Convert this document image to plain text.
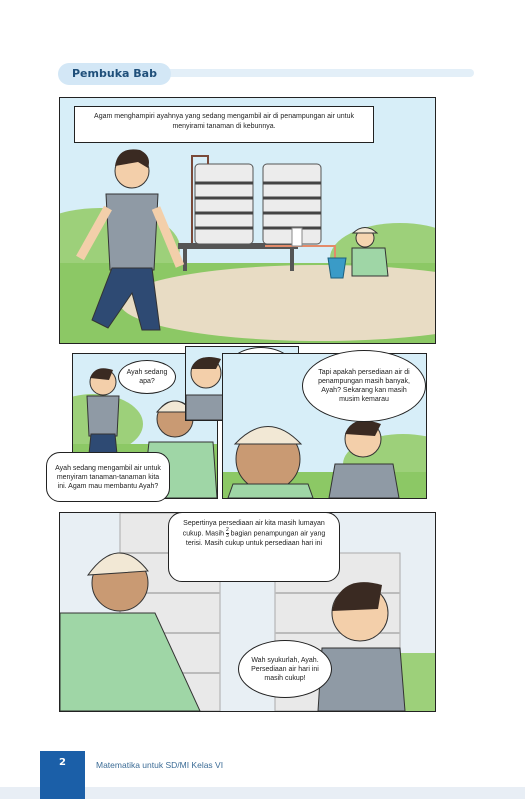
Pembuka Bab
Agam menghampiri ayahnya yang sedang mengambil air di penampungan air untuk menyirami tanaman di kebunnya.
Ayah sedang apa?
Ayah sedang mengambil air untuk menyiram tanaman-tanaman kita ini. Agam mau membantu Ayah?
Tapi apakah persediaan air di penampungan masih banyak, Ayah? Sekarang kan masih musim kemarau
Sepertinya persediaan air kita masih lumayan cukup. Masih $\frac{2}{3}$ bagian penampungan air yang terisi. Masih cukup untuk persediaan hari ini
Wah syukurlah, Ayah. Persediaan air hari ini masih cukup!
2	Matematika untuk SD/MI Kelas VI
